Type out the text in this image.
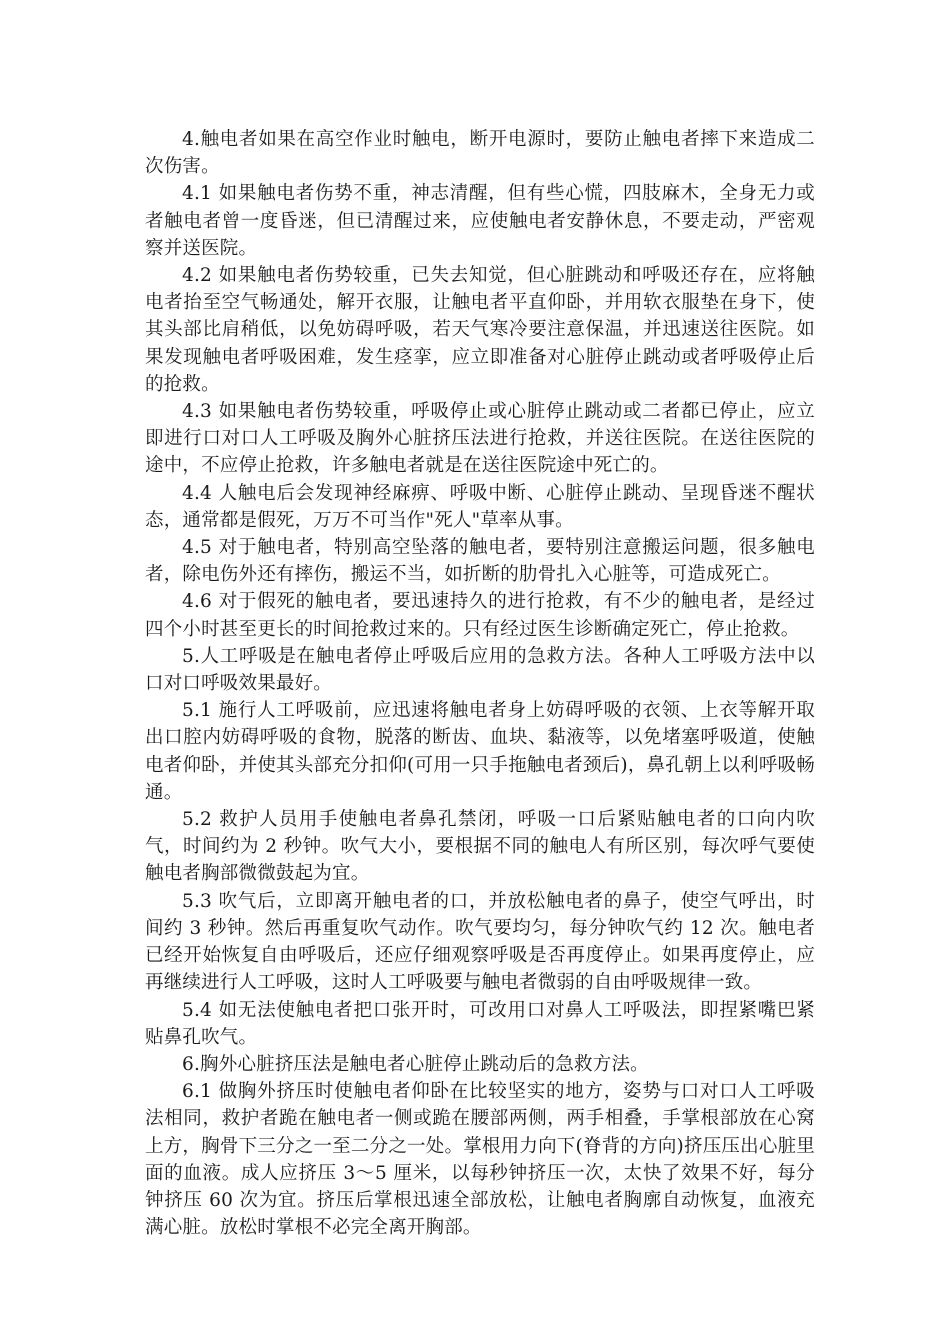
4.触电者如果在高空作业时触电，断开电源时，要防止触电者摔下来造成二次伤害。

4.1 如果触电者伤势不重，神志清醒，但有些心慌，四肢麻木，全身无力或者触电者曾一度昏迷，但已清醒过来，应使触电者安静休息，不要走动，严密观察并送医院。

4.2 如果触电者伤势较重，已失去知觉，但心脏跳动和呼吸还存在，应将触电者抬至空气畅通处，解开衣服，让触电者平直仰卧，并用软衣服垫在身下，使其头部比肩稍低，以免妨碍呼吸，若天气寒冷要注意保温，并迅速送往医院。如果发现触电者呼吸困难，发生痉挛，应立即准备对心脏停止跳动或者呼吸停止后的抢救。

4.3 如果触电者伤势较重，呼吸停止或心脏停止跳动或二者都已停止，应立即进行口对口人工呼吸及胸外心脏挤压法进行抢救，并送往医院。在送往医院的途中，不应停止抢救，许多触电者就是在送往医院途中死亡的。

4.4 人触电后会发现神经麻痹、呼吸中断、心脏停止跳动、呈现昏迷不醒状态，通常都是假死，万万不可当作"死人"草率从事。

4.5 对于触电者，特别高空坠落的触电者，要特别注意搬运问题，很多触电者，除电伤外还有摔伤，搬运不当，如折断的肋骨扎入心脏等，可造成死亡。

4.6 对于假死的触电者，要迅速持久的进行抢救，有不少的触电者，是经过四个小时甚至更长的时间抢救过来的。只有经过医生诊断确定死亡，停止抢救。

5.人工呼吸是在触电者停止呼吸后应用的急救方法。各种人工呼吸方法中以口对口呼吸效果最好。

5.1 施行人工呼吸前，应迅速将触电者身上妨碍呼吸的衣领、上衣等解开取出口腔内妨碍呼吸的食物，脱落的断齿、血块、黏液等，以免堵塞呼吸道，使触电者仰卧，并使其头部充分扣仰(可用一只手拖触电者颈后)，鼻孔朝上以利呼吸畅通。

5.2 救护人员用手使触电者鼻孔禁闭，呼吸一口后紧贴触电者的口向内吹气，时间约为 2 秒钟。吹气大小，要根据不同的触电人有所区别，每次呼气要使触电者胸部微微鼓起为宜。

5.3 吹气后，立即离开触电者的口，并放松触电者的鼻子，使空气呼出，时间约 3 秒钟。然后再重复吹气动作。吹气要均匀，每分钟吹气约 12 次。触电者已经开始恢复自由呼吸后，还应仔细观察呼吸是否再度停止。如果再度停止，应再继续进行人工呼吸，这时人工呼吸要与触电者微弱的自由呼吸规律一致。

5.4 如无法使触电者把口张开时，可改用口对鼻人工呼吸法，即捏紧嘴巴紧贴鼻孔吹气。

6.胸外心脏挤压法是触电者心脏停止跳动后的急救方法。

6.1 做胸外挤压时使触电者仰卧在比较坚实的地方，姿势与口对口人工呼吸法相同，救护者跪在触电者一侧或跪在腰部两侧，两手相叠，手掌根部放在心窝上方，胸骨下三分之一至二分之一处。掌根用力向下(脊背的方向)挤压压出心脏里面的血液。成人应挤压 3～5 厘米，以每秒钟挤压一次，太快了效果不好，每分钟挤压 60 次为宜。挤压后掌根迅速全部放松，让触电者胸廓自动恢复，血液充满心脏。放松时掌根不必完全离开胸部。
